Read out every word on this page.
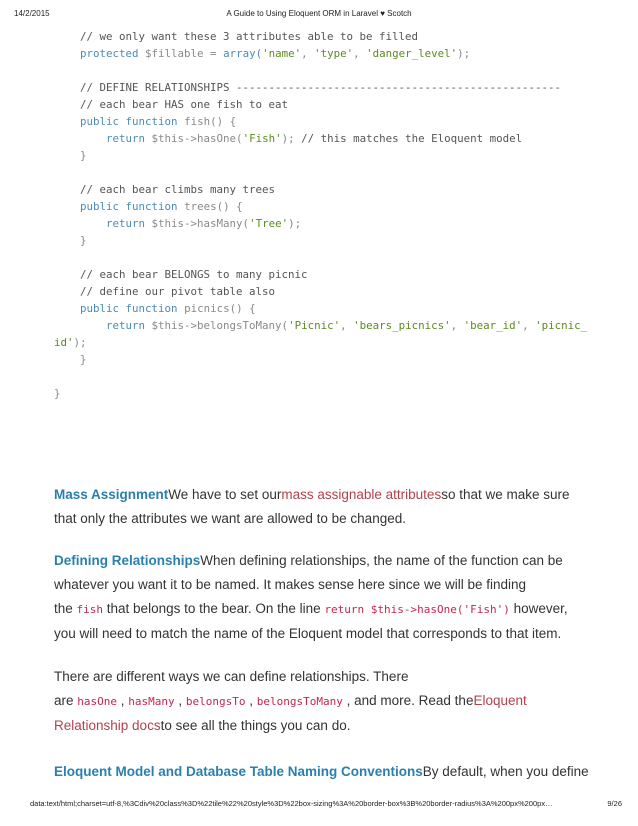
14/2/2015	A Guide to Using Eloquent ORM in Laravel ♥ Scotch
// we only want these 3 attributes able to be filled
protected $fillable = array('name', 'type', 'danger_level');
// DEFINE RELATIONSHIPS --------------------------------------------------
// each bear HAS one fish to eat
public function fish() {
return $this->hasOne('Fish'); // this matches the Eloquent model
}
// each bear climbs many trees
public function trees() {
return $this->hasMany('Tree');
}
// each bear BELONGS to many picnic
// define our pivot table also
public function picnics() {
return $this->belongsToMany('Picnic', 'bears_picnics', 'bear_id', 'picnic_
id');
}
}
Mass AssignmentWe have to set ourmass assignable attributesso that we make sure
that only the attributes we want are allowed to be changed.
Defining RelationshipsWhen defining relationships, the name of the function can be
whatever you want it to be named. It makes sense here since we will be finding
the fish that belongs to the bear. On the line return $this->hasOne('Fish') however,
you will need to match the name of the Eloquent model that corresponds to that item.
There are different ways we can define relationships. There
are hasOne , hasMany , belongsTo , belongsToMany , and more. Read theEloquent
Relationship docsto see all the things you can do.
Eloquent Model and Database Table Naming ConventionsBy default, when you define
data:text/html;charset=utf-8,%3Cdiv%20class%3D%22tile%22%20style%3D%22box-sizing%3A%20border-box%3B%20border-radius%3A%200px%200px…	9/26
